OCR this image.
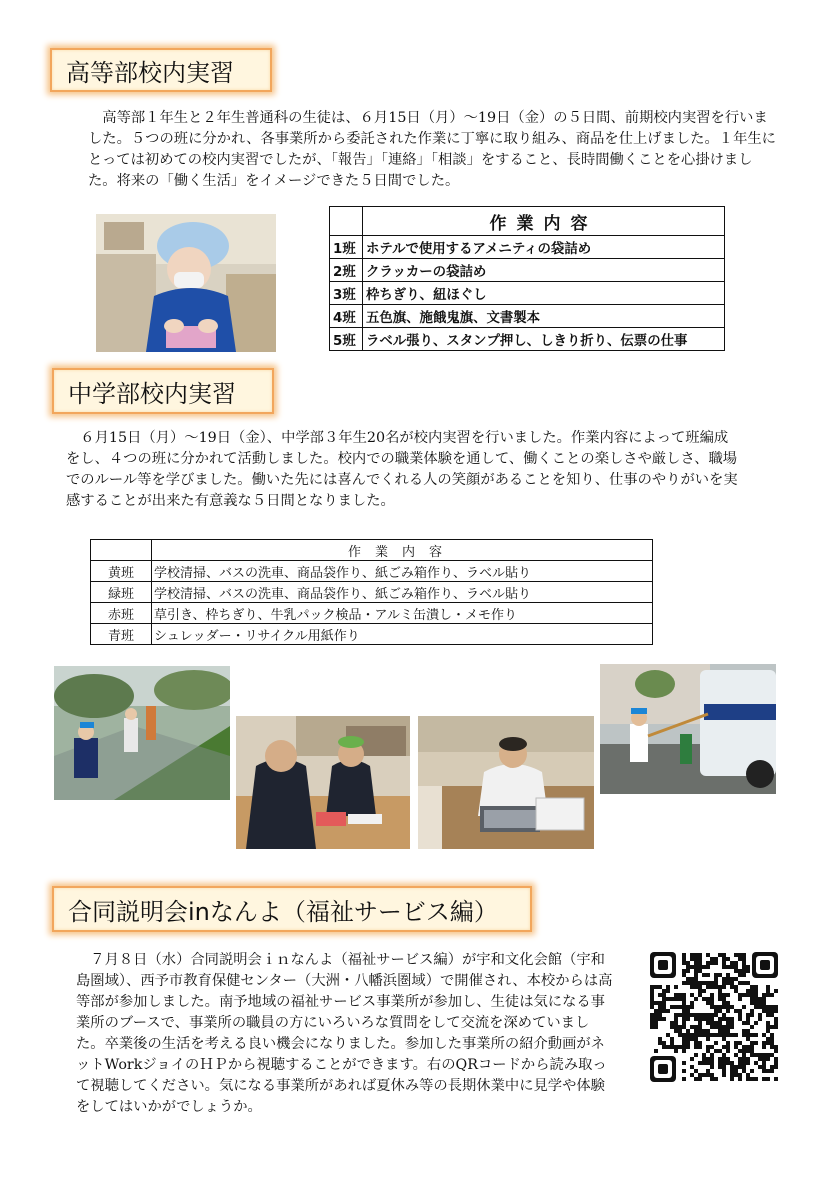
高等部校内実習

　高等部１年生と２年生普通科の生徒は、６月15日（月）～19日（金）の５日間、前期校内実習を行いました。５つの班に分かれ、各事業所から委託された作業に丁寧に取り組み、商品を仕上げました。１年生にとっては初めての校内実習でしたが、「報告」「連絡」「相談」をすること、長時間働くことを心掛けました。将来の「働く生活」をイメージできた５日間でした。

	作業内容
1班	ホテルで使用するアメニティの袋詰め
2班	クラッカーの袋詰め
3班	枠ちぎり、紐ほぐし
4班	五色旗、施餓鬼旗、文書製本
5班	ラベル張り、スタンプ押し、しきり折り、伝票の仕事
中学部校内実習

　６月15日（月）～19日（金）、中学部３年生20名が校内実習を行いました。作業内容によって班編成をし、４つの班に分かれて活動しました。校内での職業体験を通して、働くことの楽しさや厳しさ、職場でのルール等を学びました。働いた先には喜んでくれる人の笑顔があることを知り、仕事のやりがいを実感することが出来た有意義な５日間となりました。

	作業内容
黄班	学校清掃、バスの洗車、商品袋作り、紙ごみ箱作り、ラベル貼り
緑班	学校清掃、バスの洗車、商品袋作り、紙ごみ箱作り、ラベル貼り
赤班	草引き、枠ちぎり、牛乳パック検品・アルミ缶潰し・メモ作り
青班	シュレッダー・リサイクル用紙作り
合同説明会inなんよ（福祉サービス編）

　７月８日（水）合同説明会ｉｎなんよ（福祉サービス編）が宇和文化会館（宇和島圏域）、西予市教育保健センター（大洲・八幡浜圏域）で開催され、本校からは高等部が参加しました。南予地域の福祉サービス事業所が参加し、生徒は気になる事業所のブースで、事業所の職員の方にいろいろな質問をして交流を深めていました。卒業後の生活を考える良い機会になりました。参加した事業所の紹介動画がネットWorkジョイのＨＰから視聴することができます。右のQRコードから読み取って視聴してください。気になる事業所があれば夏休み等の長期休業中に見学や体験をしてはいかがでしょうか。
